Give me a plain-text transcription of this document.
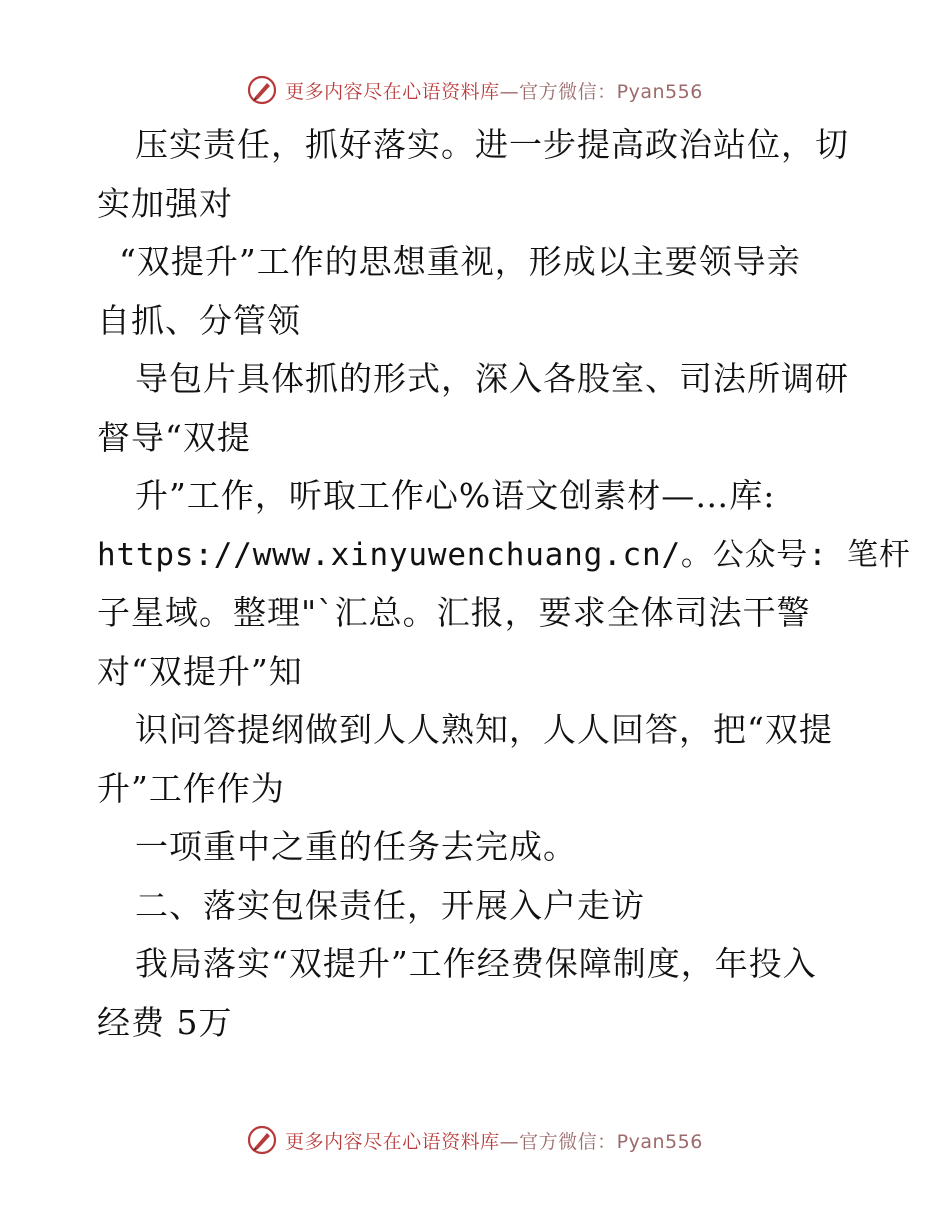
更多内容尽在心语资料库—官方微信：Pyan556
压实责任，抓好落实。进一步提高政治站位，切
实加强对
“双提升”工作的思想重视，形成以主要领导亲
自抓、分管领
导包片具体抓的形式，深入各股室、司法所调研
督导“双提
升”工作，听取工作心%语文创素材—…库:
https://www.xinyuwenchuang.cn/。公众号: 笔杆
子星域。整理"`汇总。汇报，要求全体司法干警
对“双提升”知
识问答提纲做到人人熟知，人人回答，把“双提
升”工作作为
一项重中之重的任务去完成。
二、落实包保责任，开展入户走访
我局落实“双提升”工作经费保障制度，年投入
经费 5万
更多内容尽在心语资料库—官方微信：Pyan556
